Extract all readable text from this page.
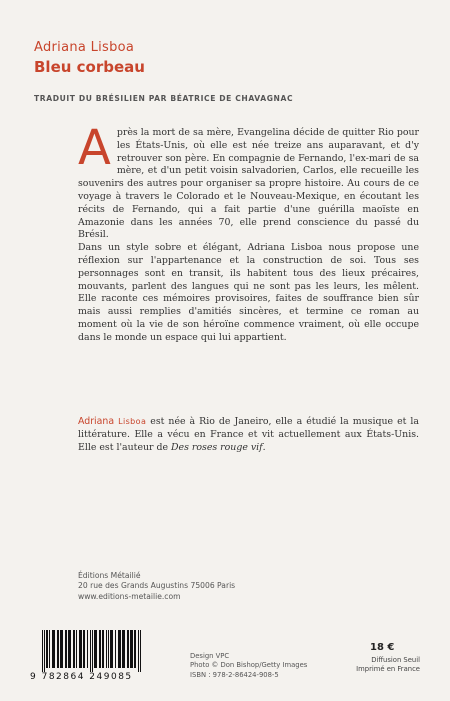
Adriana Lisboa
Bleu corbeau
TRADUIT DU BRÉSILIEN PAR BÉATRICE DE CHAVAGNAC

Après la mort de sa mère, Evangelina décide de quitter Rio pour les États-Unis, où elle est née treize ans auparavant, et d'y retrouver son père. En compagnie de Fernando, l'ex-mari de sa mère, et d'un petit voisin salvadorien, Carlos, elle recueille les souvenirs des autres pour organiser sa propre histoire. Au cours de ce voyage à travers le Colorado et le Nouveau-Mexique, en écoutant les récits de Fernando, qui a fait partie d'une guérilla maoïste en Amazonie dans les années 70, elle prend conscience du passé du Brésil.

Dans un style sobre et élégant, Adriana Lisboa nous propose une réflexion sur l'appartenance et la construction de soi. Tous ses personnages sont en transit, ils habitent tous des lieux précaires, mouvants, parlent des langues qui ne sont pas les leurs, les mêlent. Elle raconte ces mémoires provisoires, faites de souffrance bien sûr mais aussi remplies d'amitiés sincères, et termine ce roman au moment où la vie de son héroïne commence vraiment, où elle occupe dans le monde un espace qui lui appartient.

Adriana Lisboa est née à Rio de Janeiro, elle a étudié la musique et la littérature. Elle a vécu en France et vit actuellement aux États-Unis. Elle est l'auteur de Des roses rouge vif.
Éditions Métailié
20 rue des Grands Augustins 75006 Paris
www.editions-metailie.com
9 782864 249085
Design VPC
Photo © Don Bishop/Getty Images
ISBN : 978-2-86424-908-5
18 €
Diffusion Seuil
Imprimé en France
